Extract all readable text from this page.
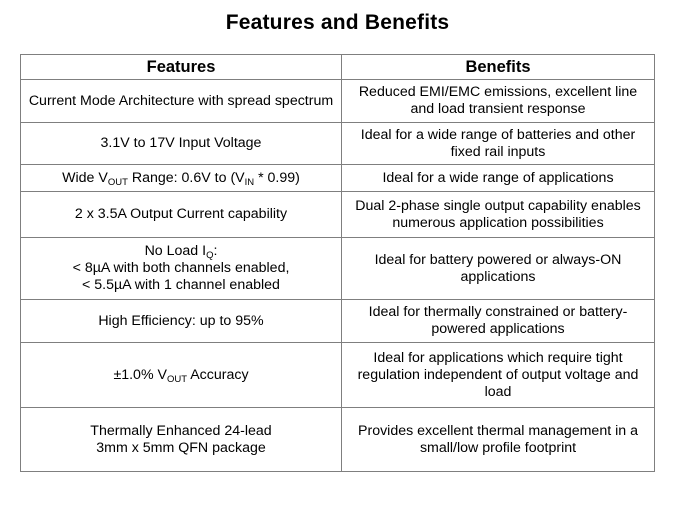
Features and Benefits
Features	Benefits
Current Mode Architecture with spread spectrum	Reduced EMI/EMC emissions, excellent line and load transient response
3.1V to 17V Input Voltage	Ideal for a wide range of batteries and other fixed rail inputs
Wide $V_{OUT}$ Range: 0.6V to $(V_{IN} * 0.99)$	Ideal for a wide range of applications
2 x 3.5A Output Current capability	Dual 2-phase single output capability enables numerous application possibilities

No Load $I_Q$:
< 8µA with both channels enabled,
< 5.5µA with 1 channel enabled	Ideal for battery powered or always-ON applications
High Efficiency: up to 95%	Ideal for thermally constrained or battery-powered applications
±1.0% $V_{OUT}$ Accuracy	Ideal for applications which require tight regulation independent of output voltage and load

Thermally Enhanced 24-lead
3mm x 5mm QFN package	Provides excellent thermal management in a small/low profile footprint
